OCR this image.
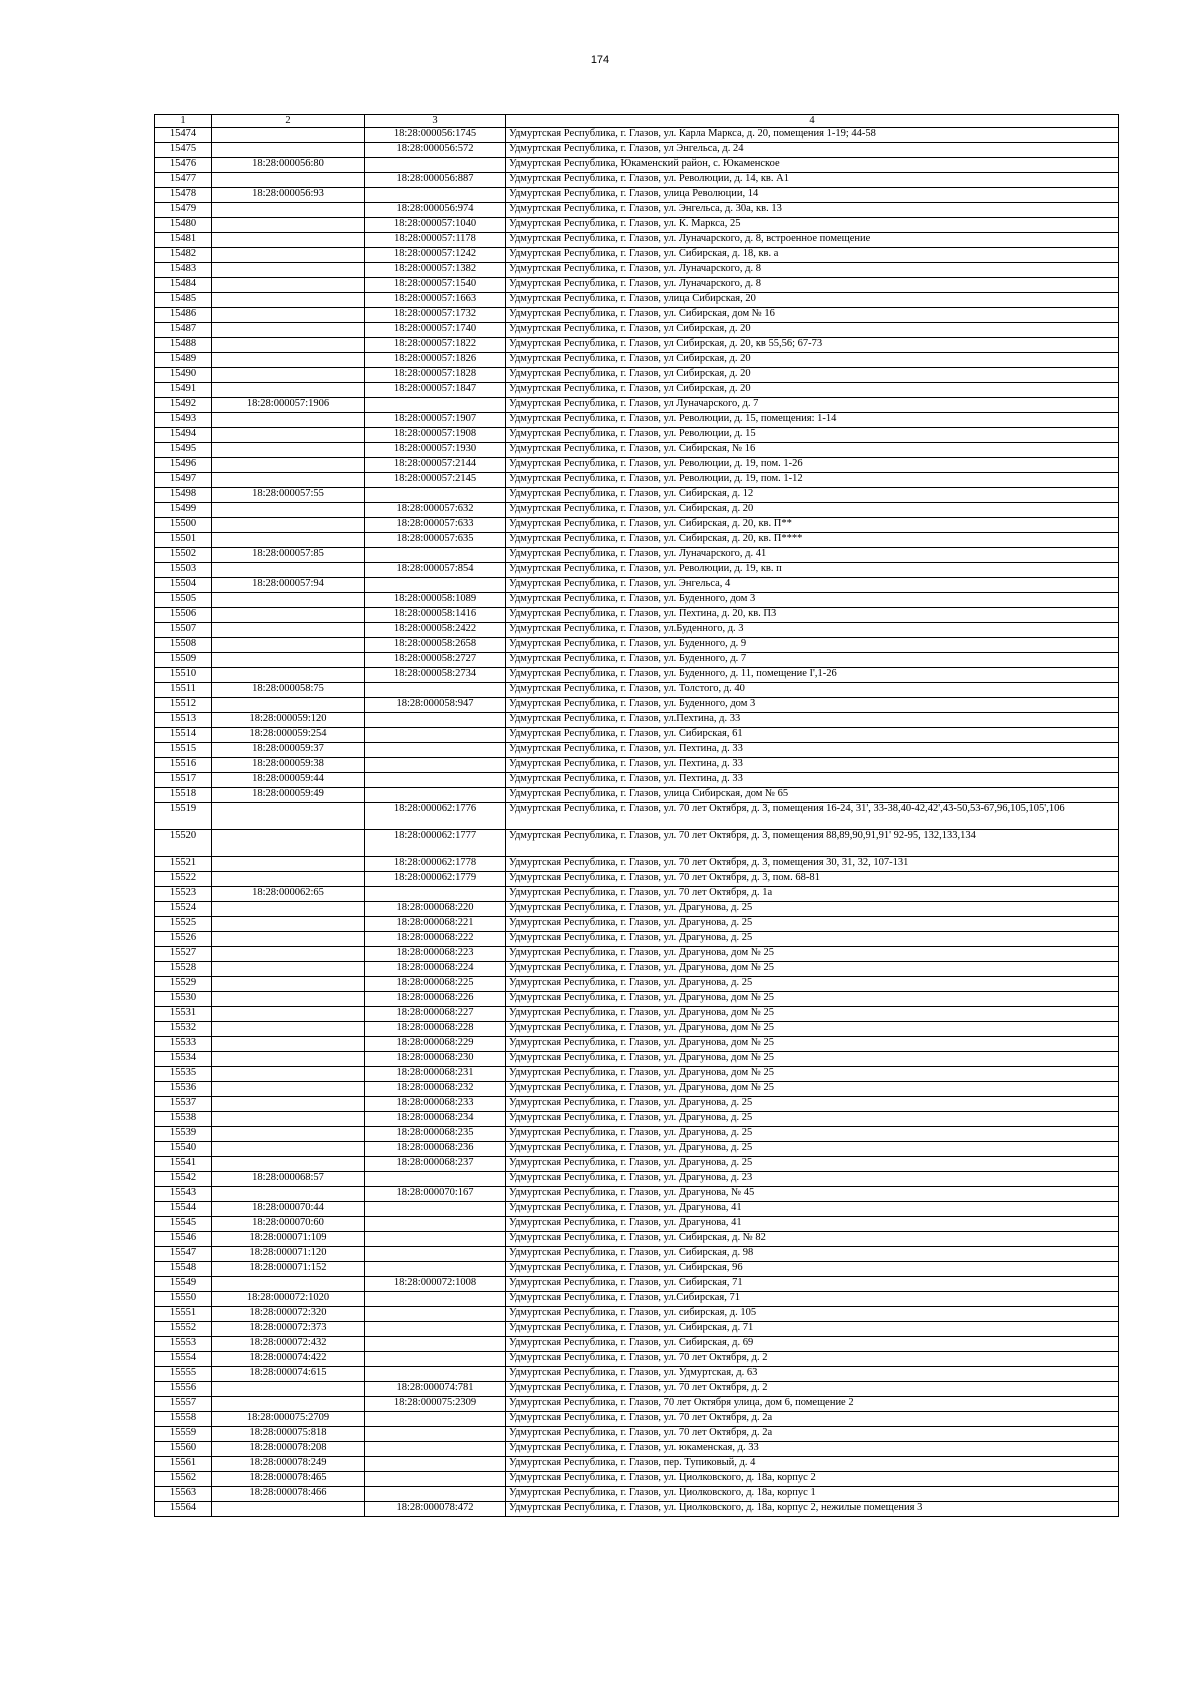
174
1	2	3	4
15474		18:28:000056:1745	Удмуртская Республика, г. Глазов, ул. Карла Маркса, д. 20, помещения 1-19; 44-58
15475		18:28:000056:572	Удмуртская Республика, г. Глазов, ул Энгельса, д. 24
15476	18:28:000056:80		Удмуртская Республика, Юкаменский район, с. Юкаменское
15477		18:28:000056:887	Удмуртская Республика, г. Глазов, ул. Революции, д. 14, кв. А1
15478	18:28:000056:93		Удмуртская Республика, г. Глазов, улица Революции, 14
15479		18:28:000056:974	Удмуртская Республика, г. Глазов, ул. Энгельса, д. 30а, кв. 13
15480		18:28:000057:1040	Удмуртская Республика, г. Глазов, ул. К. Маркса, 25
15481		18:28:000057:1178	Удмуртская Республика, г. Глазов, ул. Луначарского, д. 8, встроенное помещение
15482		18:28:000057:1242	Удмуртская Республика, г. Глазов, ул. Сибирская, д. 18, кв. а
15483		18:28:000057:1382	Удмуртская Республика, г. Глазов, ул. Луначарского, д. 8
15484		18:28:000057:1540	Удмуртская Республика, г. Глазов, ул. Луначарского, д. 8
15485		18:28:000057:1663	Удмуртская Республика, г. Глазов, улица Сибирская, 20
15486		18:28:000057:1732	Удмуртская Республика, г. Глазов, ул. Сибирская, дом № 16
15487		18:28:000057:1740	Удмуртская Республика, г. Глазов, ул Сибирская, д. 20
15488		18:28:000057:1822	Удмуртская Республика, г. Глазов, ул Сибирская, д. 20, кв 55,56; 67-73
15489		18:28:000057:1826	Удмуртская Республика, г. Глазов, ул Сибирская, д. 20
15490		18:28:000057:1828	Удмуртская Республика, г. Глазов, ул Сибирская, д. 20
15491		18:28:000057:1847	Удмуртская Республика, г. Глазов, ул Сибирская, д. 20
15492	18:28:000057:1906		Удмуртская Республика, г. Глазов, ул Луначарского, д. 7
15493		18:28:000057:1907	Удмуртская Республика, г. Глазов, ул. Революции, д. 15, помещения: 1-14
15494		18:28:000057:1908	Удмуртская Республика, г. Глазов, ул. Революции, д. 15
15495		18:28:000057:1930	Удмуртская Республика, г. Глазов, ул. Сибирская, № 16
15496		18:28:000057:2144	Удмуртская Республика, г. Глазов, ул. Революции, д. 19, пом. 1-26
15497		18:28:000057:2145	Удмуртская Республика, г. Глазов, ул. Революции, д. 19, пом. 1-12
15498	18:28:000057:55		Удмуртская Республика, г. Глазов, ул. Сибирская, д. 12
15499		18:28:000057:632	Удмуртская Республика, г. Глазов, ул. Сибирская, д. 20
15500		18:28:000057:633	Удмуртская Республика, г. Глазов, ул. Сибирская, д. 20, кв. П**
15501		18:28:000057:635	Удмуртская Республика, г. Глазов, ул. Сибирская, д. 20, кв. П****
15502	18:28:000057:85		Удмуртская Республика, г. Глазов, ул. Луначарского, д. 41
15503		18:28:000057:854	Удмуртская Республика, г. Глазов, ул. Революции, д. 19, кв. п
15504	18:28:000057:94		Удмуртская Республика, г. Глазов, ул. Энгельса, 4
15505		18:28:000058:1089	Удмуртская Республика, г. Глазов, ул. Буденного, дом 3
15506		18:28:000058:1416	Удмуртская Республика, г. Глазов, ул. Пехтина, д. 20, кв. П3
15507		18:28:000058:2422	Удмуртская Республика, г. Глазов, ул.Буденного, д. 3
15508		18:28:000058:2658	Удмуртская Республика, г. Глазов, ул. Буденного, д. 9
15509		18:28:000058:2727	Удмуртская Республика, г. Глазов, ул. Буденного, д. 7
15510		18:28:000058:2734	Удмуртская Республика, г. Глазов, ул. Буденного, д. 11, помещение I',1-26
15511	18:28:000058:75		Удмуртская Республика, г. Глазов, ул. Толстого, д. 40
15512		18:28:000058:947	Удмуртская Республика, г. Глазов, ул. Буденного, дом 3
15513	18:28:000059:120		Удмуртская Республика, г. Глазов, ул.Пехтина, д. 33
15514	18:28:000059:254		Удмуртская Республика, г. Глазов, ул. Сибирская, 61
15515	18:28:000059:37		Удмуртская Республика, г. Глазов, ул. Пехтина, д. 33
15516	18:28:000059:38		Удмуртская Республика, г. Глазов, ул. Пехтина, д. 33
15517	18:28:000059:44		Удмуртская Республика, г. Глазов, ул. Пехтина, д. 33
15518	18:28:000059:49		Удмуртская Республика, г. Глазов, улица Сибирская, дом № 65
15519		18:28:000062:1776	Удмуртская Республика, г. Глазов, ул. 70 лет Октября, д. 3, помещения 16-24, 31', 33-38,40-42,42',43-50,53-67,96,105,105',106
15520		18:28:000062:1777	Удмуртская Республика, г. Глазов, ул. 70 лет Октября, д. 3, помещения 88,89,90,91,91' 92-95, 132,133,134
15521		18:28:000062:1778	Удмуртская Республика, г. Глазов, ул. 70 лет Октября, д. 3, помещения 30, 31, 32, 107-131
15522		18:28:000062:1779	Удмуртская Республика, г. Глазов, ул. 70 лет Октября, д. 3, пом. 68-81
15523	18:28:000062:65		Удмуртская Республика, г. Глазов, ул. 70 лет Октября, д. 1а
15524		18:28:000068:220	Удмуртская Республика, г. Глазов, ул. Драгунова, д. 25
15525		18:28:000068:221	Удмуртская Республика, г. Глазов, ул. Драгунова, д. 25
15526		18:28:000068:222	Удмуртская Республика, г. Глазов, ул. Драгунова, д. 25
15527		18:28:000068:223	Удмуртская Республика, г. Глазов, ул. Драгунова, дом № 25
15528		18:28:000068:224	Удмуртская Республика, г. Глазов, ул. Драгунова, дом № 25
15529		18:28:000068:225	Удмуртская Республика, г. Глазов, ул. Драгунова, д. 25
15530		18:28:000068:226	Удмуртская Республика, г. Глазов, ул. Драгунова, дом № 25
15531		18:28:000068:227	Удмуртская Республика, г. Глазов, ул. Драгунова, дом № 25
15532		18:28:000068:228	Удмуртская Республика, г. Глазов, ул. Драгунова, дом № 25
15533		18:28:000068:229	Удмуртская Республика, г. Глазов, ул. Драгунова, дом № 25
15534		18:28:000068:230	Удмуртская Республика, г. Глазов, ул. Драгунова, дом № 25
15535		18:28:000068:231	Удмуртская Республика, г. Глазов, ул. Драгунова, дом № 25
15536		18:28:000068:232	Удмуртская Республика, г. Глазов, ул. Драгунова, дом № 25
15537		18:28:000068:233	Удмуртская Республика, г. Глазов, ул. Драгунова, д. 25
15538		18:28:000068:234	Удмуртская Республика, г. Глазов, ул. Драгунова, д. 25
15539		18:28:000068:235	Удмуртская Республика, г. Глазов, ул. Драгунова, д. 25
15540		18:28:000068:236	Удмуртская Республика, г. Глазов, ул. Драгунова, д. 25
15541		18:28:000068:237	Удмуртская Республика, г. Глазов, ул. Драгунова, д. 25
15542	18:28:000068:57		Удмуртская Республика, г. Глазов, ул. Драгунова, д. 23
15543		18:28:000070:167	Удмуртская Республика, г. Глазов, ул. Драгунова, № 45
15544	18:28:000070:44		Удмуртская Республика, г. Глазов, ул. Драгунова, 41
15545	18:28:000070:60		Удмуртская Республика, г. Глазов, ул. Драгунова, 41
15546	18:28:000071:109		Удмуртская Республика, г. Глазов, ул. Сибирская, д. № 82
15547	18:28:000071:120		Удмуртская Республика, г. Глазов, ул. Сибирская, д. 98
15548	18:28:000071:152		Удмуртская Республика, г. Глазов, ул. Сибирская, 96
15549		18:28:000072:1008	Удмуртская Республика, г. Глазов, ул. Сибирская, 71
15550	18:28:000072:1020		Удмуртская Республика, г. Глазов, ул.Сибирская, 71
15551	18:28:000072:320		Удмуртская Республика, г. Глазов, ул. сибирская, д. 105
15552	18:28:000072:373		Удмуртская Республика, г. Глазов, ул. Сибирская, д. 71
15553	18:28:000072:432		Удмуртская Республика, г. Глазов, ул. Сибирская, д. 69
15554	18:28:000074:422		Удмуртская Республика, г. Глазов, ул. 70 лет Октября, д. 2
15555	18:28:000074:615		Удмуртская Республика, г. Глазов, ул. Удмуртская, д. 63
15556		18:28:000074:781	Удмуртская Республика, г. Глазов, ул. 70 лет Октября, д. 2
15557		18:28:000075:2309	Удмуртская Республика, г. Глазов, 70 лет Октября улица, дом 6, помещение 2
15558	18:28:000075:2709		Удмуртская Республика, г. Глазов, ул. 70 лет Октября, д. 2а
15559	18:28:000075:818		Удмуртская Республика, г. Глазов, ул. 70 лет Октября, д. 2а
15560	18:28:000078:208		Удмуртская Республика, г. Глазов, ул. юкаменская, д. 33
15561	18:28:000078:249		Удмуртская Республика, г. Глазов, пер. Тупиковый, д. 4
15562	18:28:000078:465		Удмуртская Республика, г. Глазов, ул. Циолковского, д. 18а, корпус 2
15563	18:28:000078:466		Удмуртская Республика, г. Глазов, ул. Циолковского, д. 18а, корпус 1
15564		18:28:000078:472	Удмуртская Республика, г. Глазов, ул. Циолковского, д. 18а, корпус 2, нежилые помещения 3
